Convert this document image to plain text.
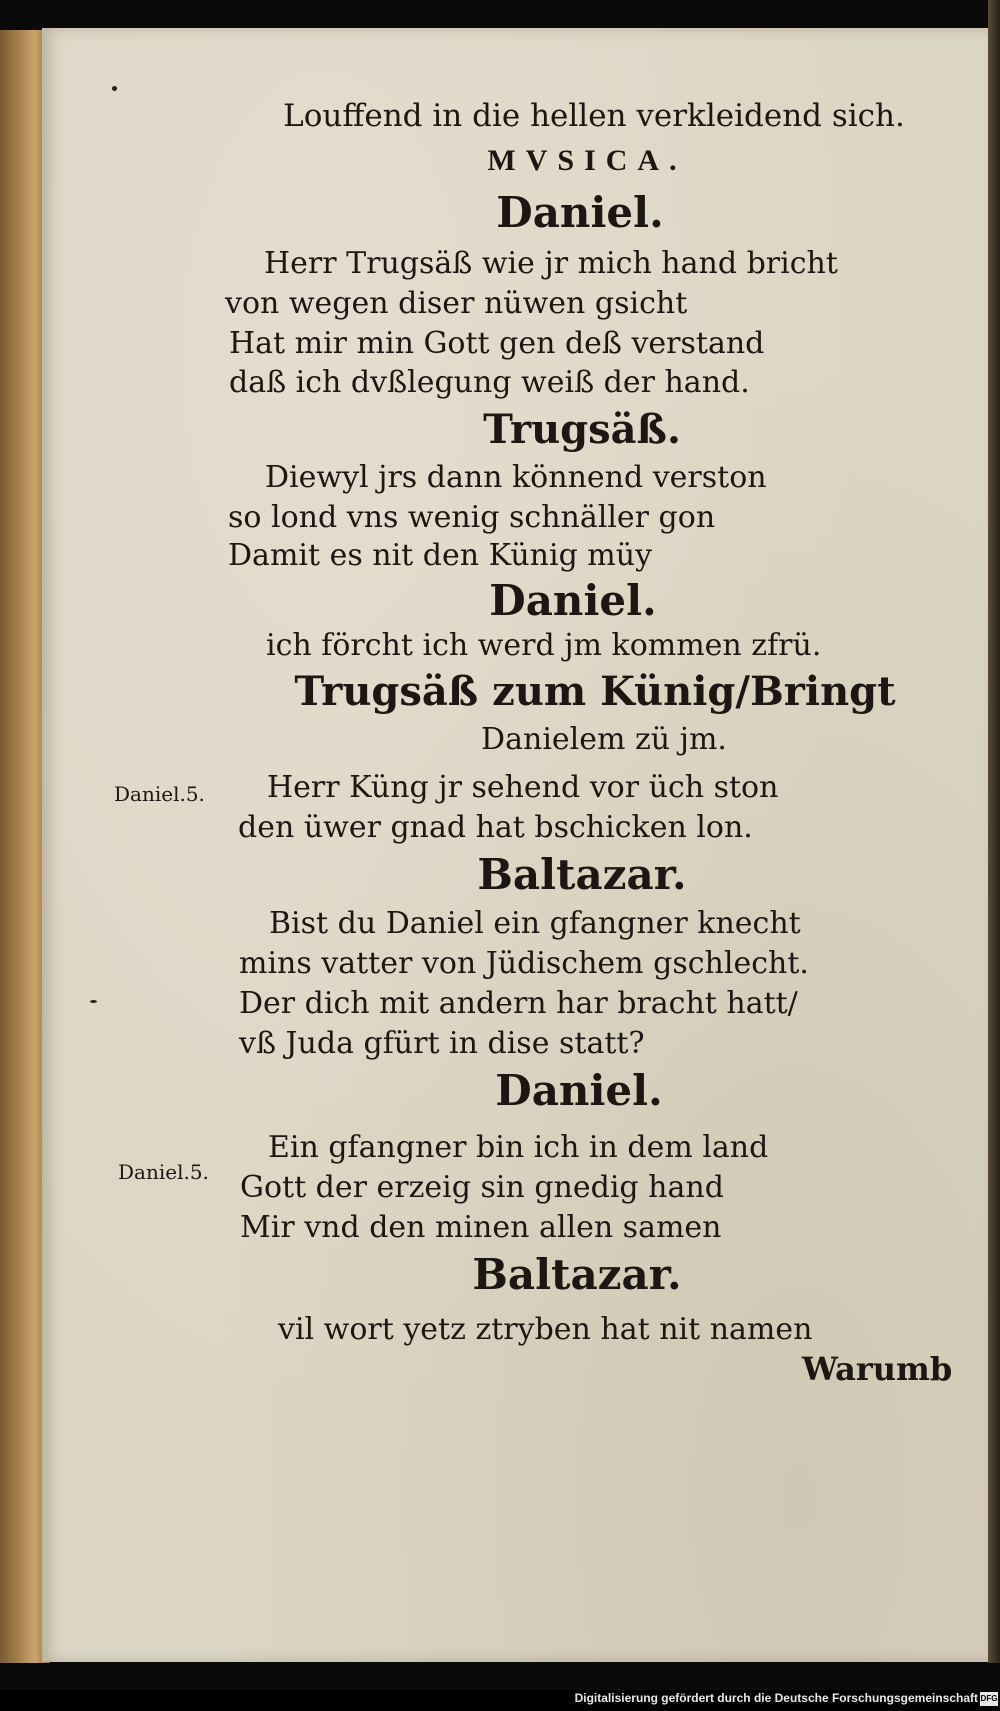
Louffend in die hellen verkleidend sich.
MVSICA.
Daniel.
Herr Trugsäß wie jr mich hand bricht
von wegen diser nüwen gsicht
Hat mir min Gott gen deß verstand
daß ich dvßlegung weiß der hand.
Trugsäß.
Diewyl jrs dann könnend verston
so lond vns wenig schnäller gon
Damit es nit den Künig müy
Daniel.
ich förcht ich werd jm kommen zfrü.
Trugsäß zum Künig/Bringt
Danielem zü jm.
Daniel.5. Herr Küng jr sehend vor üch ston
den üwer gnad hat bschicken lon.
Baltazar.
Bist du Daniel ein gfangner knecht
mins vatter von Jüdischem gschlecht.
Der dich mit andern har bracht hatt/
vß Juda gfürt in dise statt?
Daniel.
Daniel.5.
Ein gfangner bin ich in dem land
Gott der erzeig sin gnedig hand
Mir vnd den minen allen samen
Baltazar.
vil wort yetz ztryben hat nit namen
Warumb
Digitalisierung gefördert durch die Deutsche Forschungsgemeinschaft DFG
